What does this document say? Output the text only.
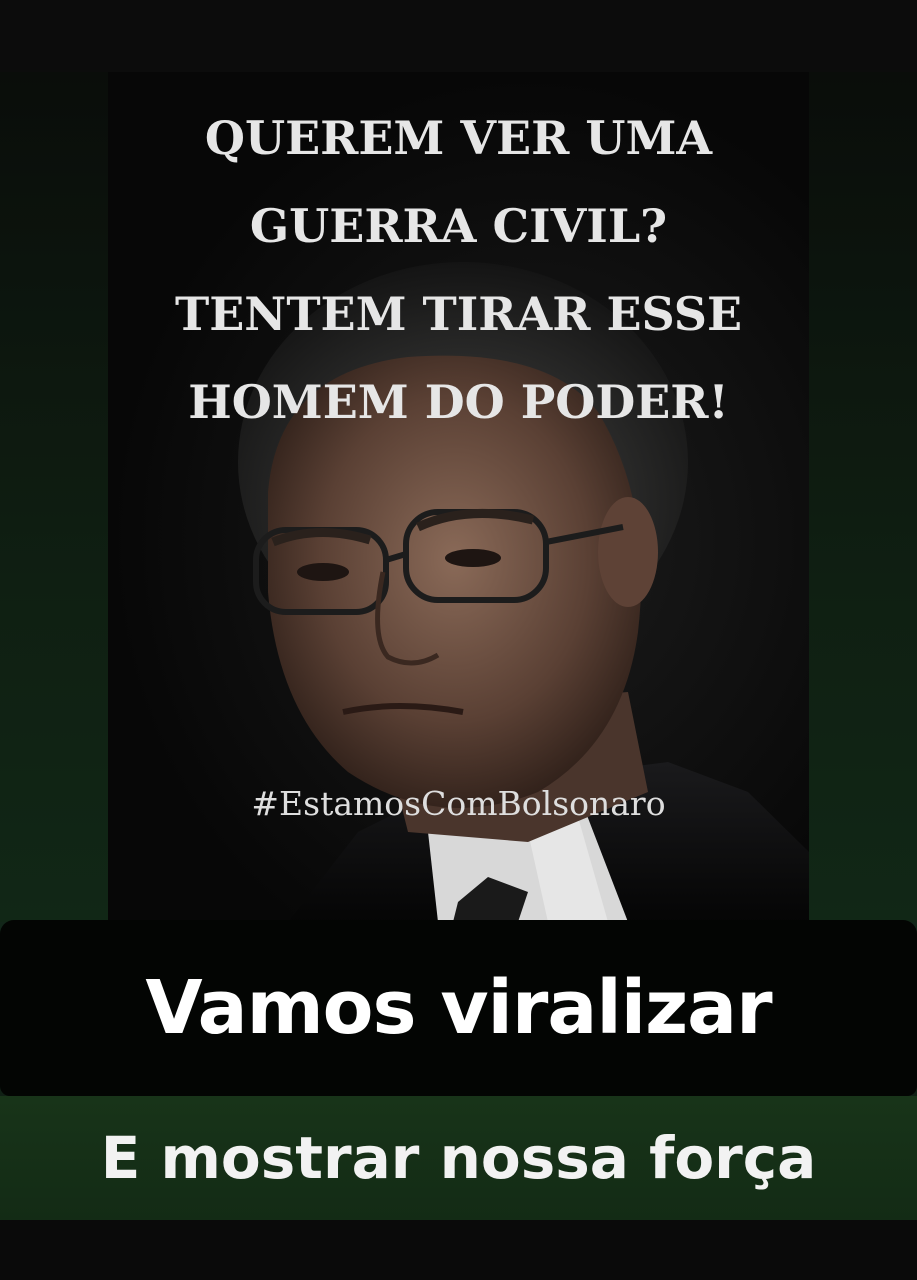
QUEREM VER UMA
GUERRA CIVIL?
TENTEM TIRAR ESSE
HOMEM DO PODER!
#EstamosComBolsonaro
Vamos viralizar
E mostrar nossa força
